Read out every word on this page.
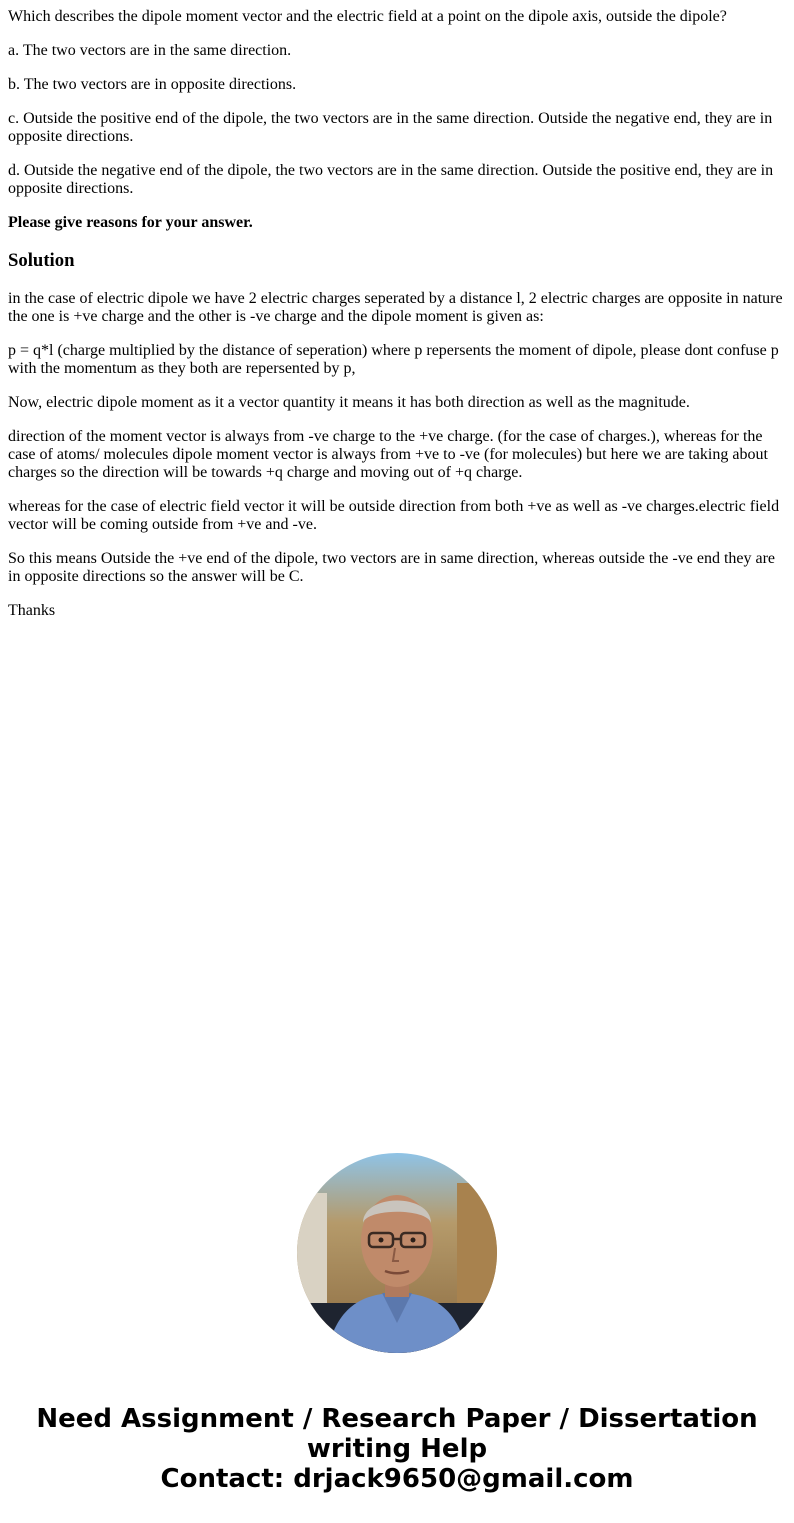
Which describes the dipole moment vector and the electric field at a point on the dipole axis, outside the dipole?

a. The two vectors are in the same direction.

b. The two vectors are in opposite directions.

c. Outside the positive end of the dipole, the two vectors are in the same direction. Outside the negative end, they are in opposite directions.

d. Outside the negative end of the dipole, the two vectors are in the same direction. Outside the positive end, they are in opposite directions.

Please give reasons for your answer.

Solution

in the case of electric dipole we have 2 electric charges seperated by a distance l, 2 electric charges are opposite in nature the one is +ve charge and the other is -ve charge and the dipole moment is given as:

p = q*l (charge multiplied by the distance of seperation) where p repersents the moment of dipole, please dont confuse p with the momentum as they both are repersented by p,

Now, electric dipole moment as it a vector quantity it means it has both direction as well as the magnitude.

direction of the moment vector is always from -ve charge to the +ve charge. (for the case of charges.), whereas for the case of atoms/ molecules dipole moment vector is always from +ve to -ve (for molecules) but here we are taking about charges so the direction will be towards +q charge and moving out of +q charge.

whereas for the case of electric field vector it will be outside direction from both +ve as well as -ve charges.electric field vector will be coming outside from +ve and -ve.

So this means Outside the +ve end of the dipole, two vectors are in same direction, whereas outside the -ve end they are in opposite directions so the answer will be C.

Thanks

Need Assignment / Research Paper / Dissertation
writing Help
Contact: drjack9650@gmail.com
